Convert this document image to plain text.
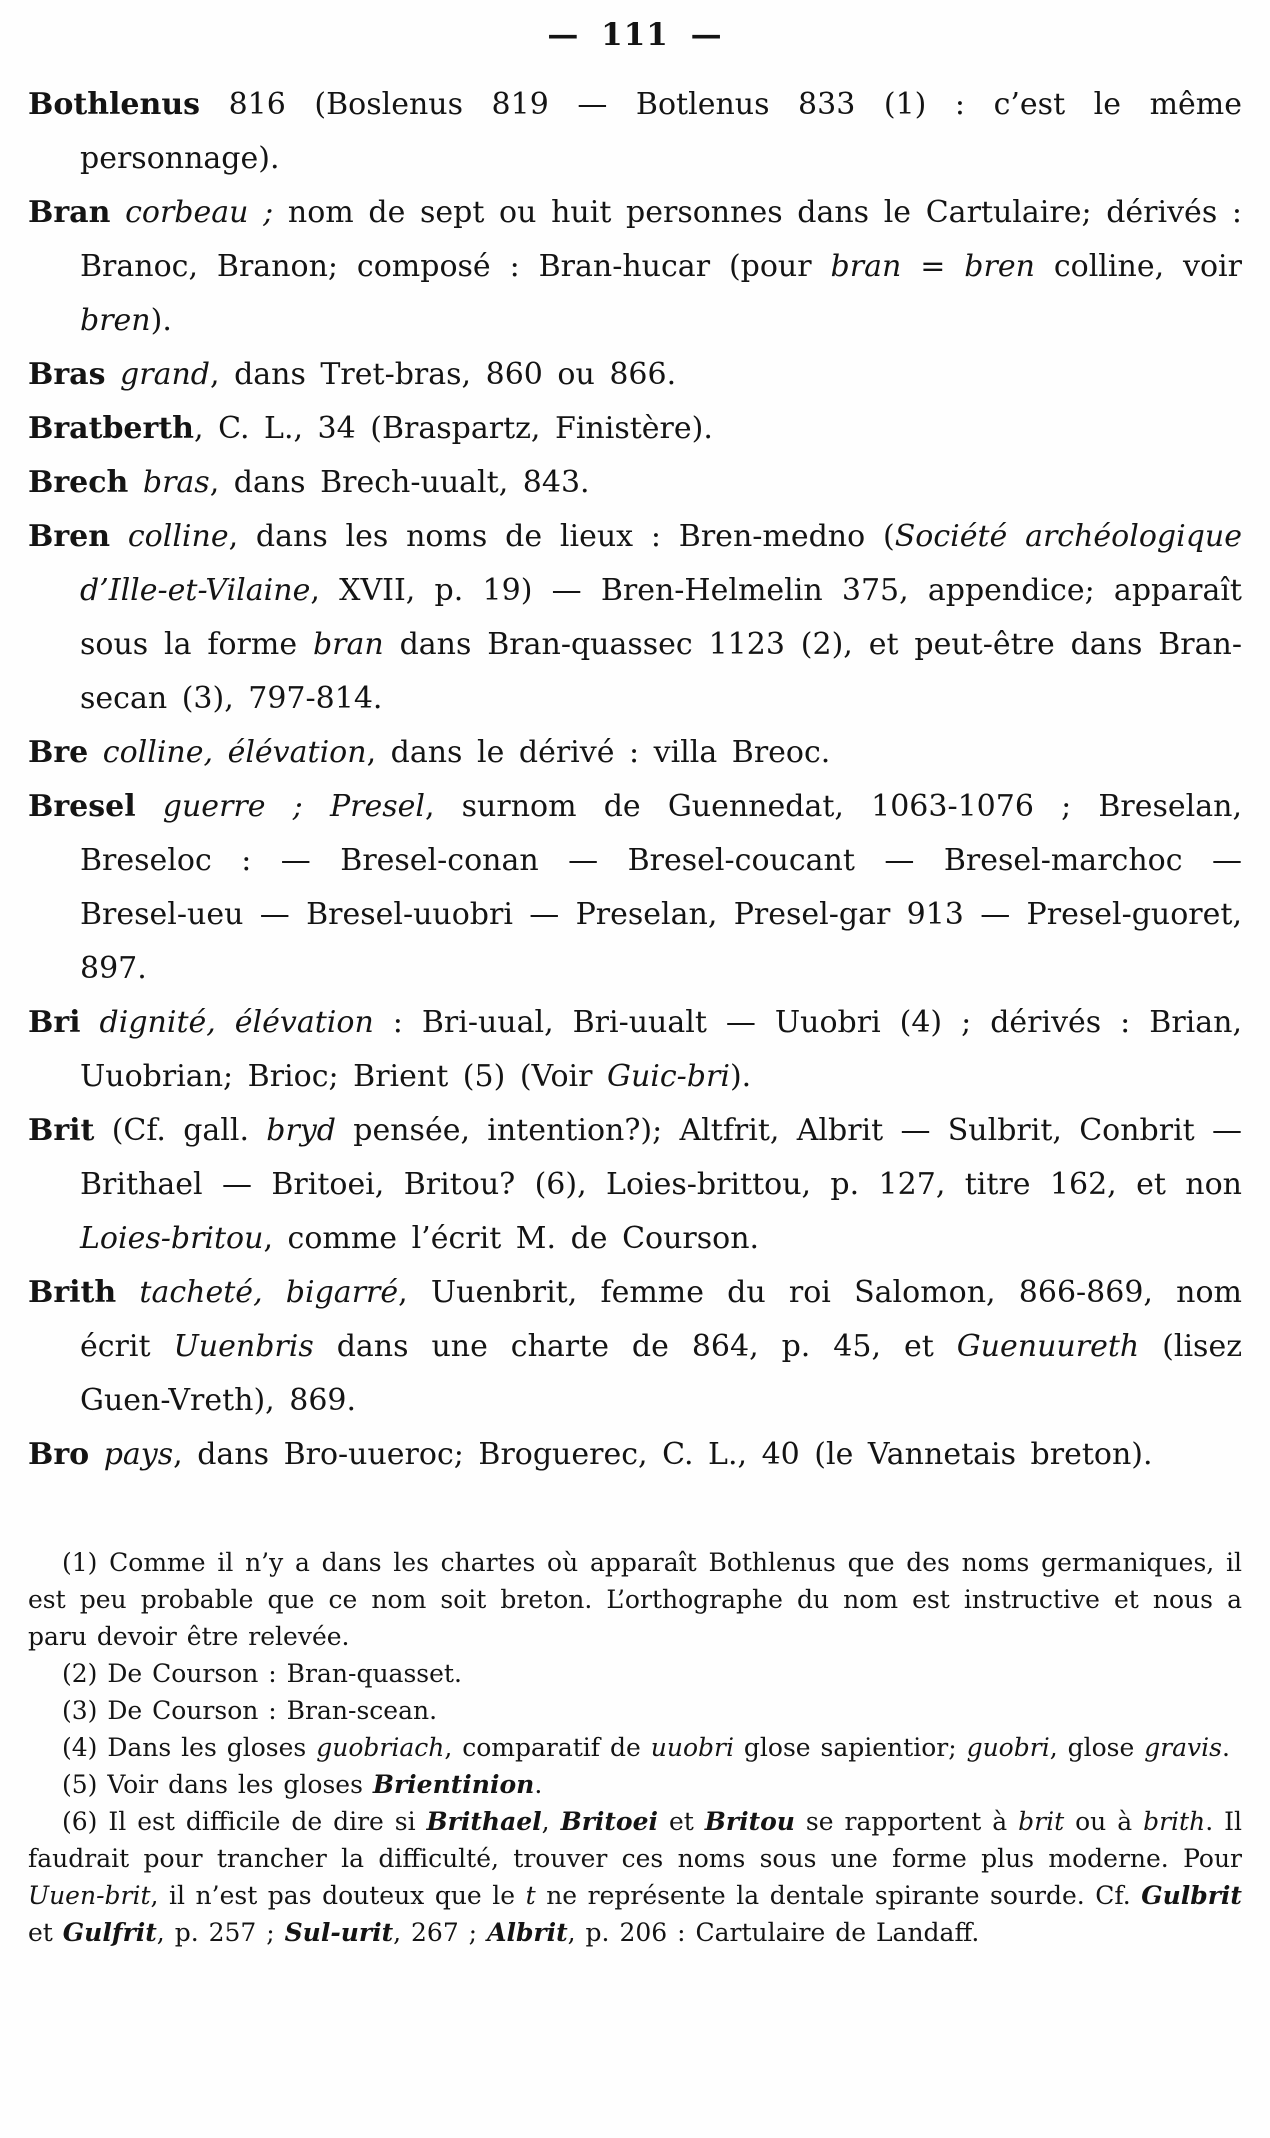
— 111 —

Bothlenus 816 (Boslenus 819 — Botlenus 833 (1) : c’est le même personnage).

Bran corbeau ; nom de sept ou huit personnes dans le Cartulaire; dérivés : Branoc, Branon; composé : Bran-hucar (pour bran = bren colline, voir bren).

Bras grand, dans Tret-bras, 860 ou 866.

Bratberth, C. L., 34 (Braspartz, Finistère).

Brech bras, dans Brech-uualt, 843.

Bren colline, dans les noms de lieux : Bren-medno (Société archéologique d’Ille-et-Vilaine, XVII, p. 19) — Bren-Helmelin 375, appendice; apparaît sous la forme bran dans Bran-quassec 1123 (2), et peut-être dans Bran-secan (3), 797-814.

Bre colline, élévation, dans le dérivé : villa Breoc.

Bresel guerre ; Presel, surnom de Guennedat, 1063-1076 ; Breselan, Breseloc : — Bresel-conan — Bresel-coucant — Bresel-marchoc — Bresel-ueu — Bresel-uuobri — Preselan, Presel-gar 913 — Presel-guoret, 897.

Bri dignité, élévation : Bri-uual, Bri-uualt — Uuobri (4) ; dérivés : Brian, Uuobrian; Brioc; Brient (5) (Voir Guic-bri).

Brit (Cf. gall. bryd pensée, intention?); Altfrit, Albrit — Sulbrit, Conbrit — Brithael — Britoei, Britou? (6), Loies-brittou, p. 127, titre 162, et non Loies-britou, comme l’écrit M. de Courson.

Brith tacheté, bigarré, Uuenbrit, femme du roi Salomon, 866-869, nom écrit Uuenbris dans une charte de 864, p. 45, et Guenuureth (lisez Guen-Vreth), 869.

Bro pays, dans Bro-uueroc; Broguerec, C. L., 40 (le Vannetais breton).

(1) Comme il n’y a dans les chartes où apparaît Bothlenus que des noms germaniques, il est peu probable que ce nom soit breton. L’orthographe du nom est instructive et nous a paru devoir être relevée.

(2) De Courson : Bran-quasset.

(3) De Courson : Bran-scean.

(4) Dans les gloses guobriach, comparatif de uuobri glose sapientior; guobri, glose gravis.

(5) Voir dans les gloses Brientinion.

(6) Il est difficile de dire si Brithael, Britoei et Britou se rapportent à brit ou à brith. Il faudrait pour trancher la difficulté, trouver ces noms sous une forme plus moderne. Pour Uuen-brit, il n’est pas douteux que le t ne représente la dentale spirante sourde. Cf. Gulbrit et Gulfrit, p. 257 ; Sul-urit, 267 ; Albrit, p. 206 : Cartulaire de Landaff.
